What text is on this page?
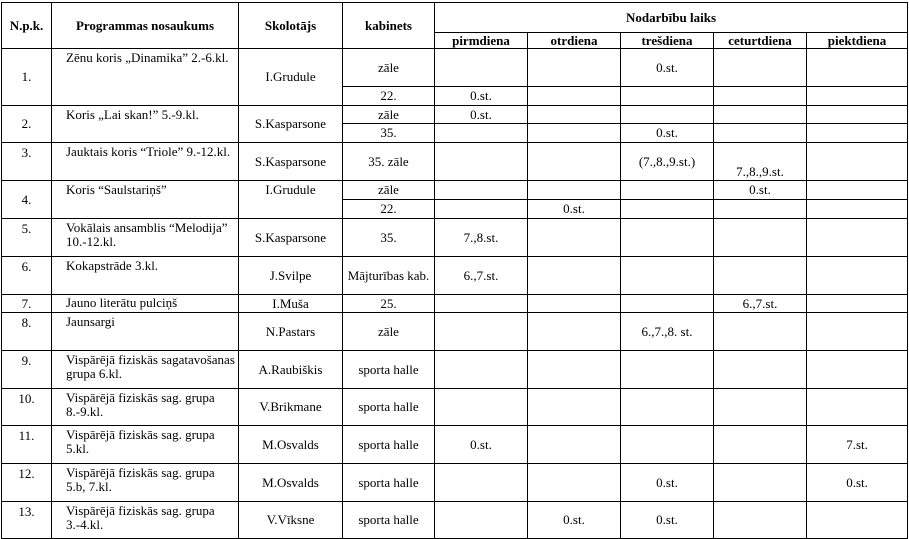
N.p.k.	Programmas nosaukums	Skolotājs	kabinets	Nodarbību laiks				
				pirmdiena	otrdiena	trešdiena	ceturtdiena	piektdiena
1.	Zēnu koris „Dinamika” 2.-6.kl.	I.Grudule	zāle			0.st.		
			22.	0.st.				
2.	Koris „Lai skan!” 5.-9.kl.	S.Kasparsone	zāle	0.st.				
			35.			0.st.		
3.	Jauktais koris “Triole” 9.-12.kl.	S.Kasparsone	35. zāle			(7.,8.,9.st.)	7.,8.,9.st.	
4.	Koris “Saulstariņš”	I.Grudule	zāle				0.st.	
			22.		0.st.			
5.	Vokālais ansamblis “Melodija” 10.-12.kl.	S.Kasparsone	35.	7.,8.st.				
6.	Kokapstrāde 3.kl.	J.Svilpe	Mājturības kab.	6.,7.st.				
7.	Jauno literātu pulciņš	I.Muša	25.				6.,7.st.	
8.	Jaunsargi	N.Pastars	zāle			6.,7.,8. st.		
9.	Vispārējā fiziskās sagatavošanas grupa 6.kl.	A.Raubiškis	sporta halle					
10.	Vispārējā fiziskās sag. grupa 8.-9.kl.	V.Brikmane	sporta halle					
11.	Vispārējā fiziskās sag. grupa 5.kl.	M.Osvalds	sporta halle	0.st.				7.st.
12.	Vispārējā fiziskās sag. grupa 5.b, 7.kl.	M.Osvalds	sporta halle			0.st.		0.st.
13.	Vispārējā fiziskās sag. grupa 3.-4.kl.	V.Vīksne	sporta halle		0.st.	0.st.		
